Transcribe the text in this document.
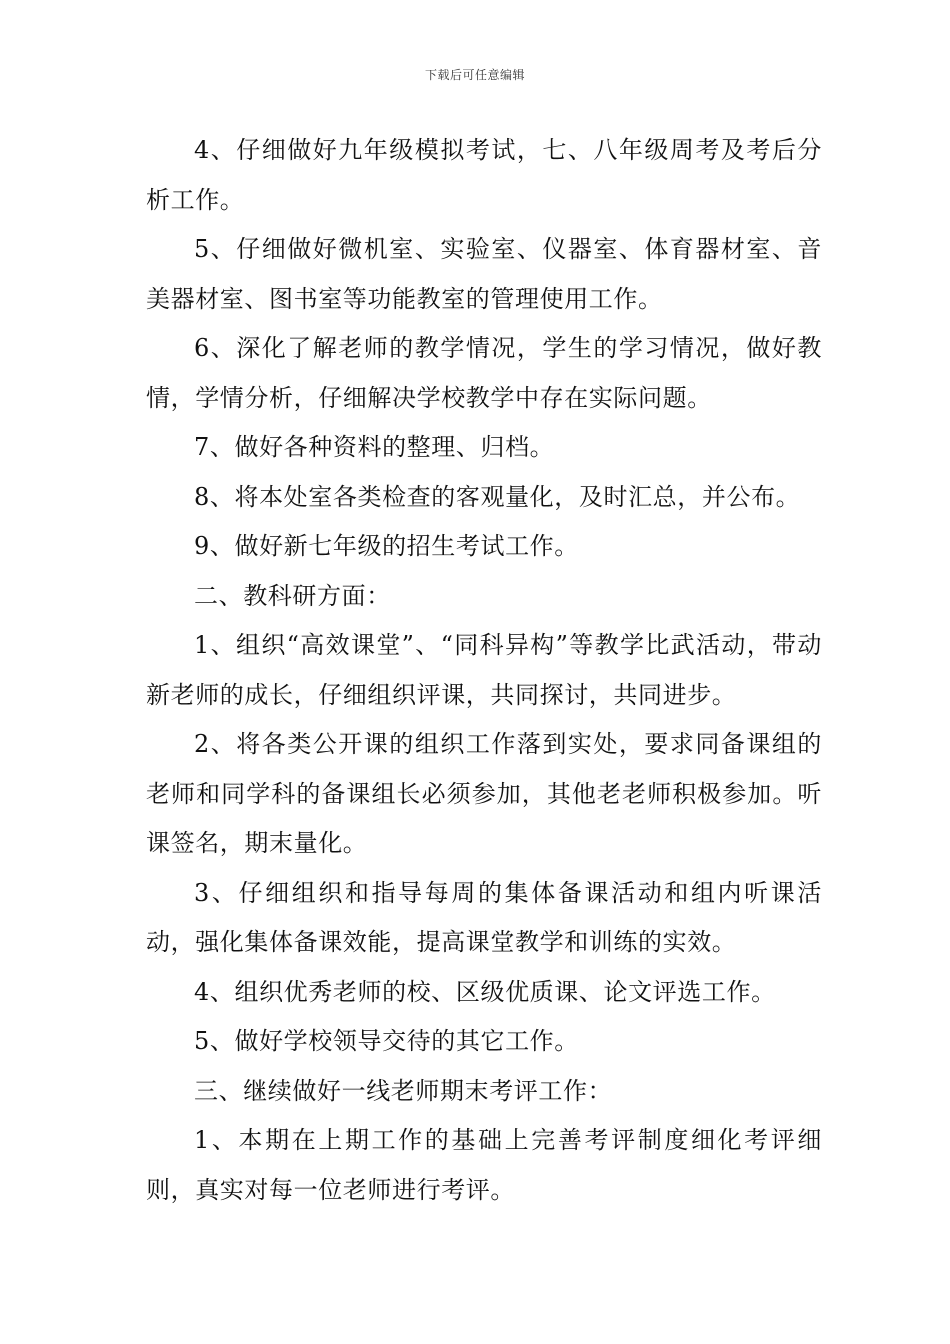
下载后可任意编辑

4、仔细做好九年级模拟考试，七、八年级周考及考后分析工作。

5、仔细做好微机室、实验室、仪器室、体育器材室、音美器材室、图书室等功能教室的管理使用工作。

6、深化了解老师的教学情况，学生的学习情况，做好教情，学情分析，仔细解决学校教学中存在实际问题。

7、做好各种资料的整理、归档。

8、将本处室各类检查的客观量化，及时汇总，并公布。

9、做好新七年级的招生考试工作。

二、教科研方面：

1、组织“高效课堂”、“同科异构”等教学比武活动，带动新老师的成长，仔细组织评课，共同探讨，共同进步。

2、将各类公开课的组织工作落到实处，要求同备课组的老师和同学科的备课组长必须参加，其他老老师积极参加。听课签名，期末量化。

3、仔细组织和指导每周的集体备课活动和组内听课活动，强化集体备课效能，提高课堂教学和训练的实效。

4、组织优秀老师的校、区级优质课、论文评选工作。

5、做好学校领导交待的其它工作。

三、继续做好一线老师期末考评工作：

1、本期在上期工作的基础上完善考评制度细化考评细则，真实对每一位老师进行考评。
